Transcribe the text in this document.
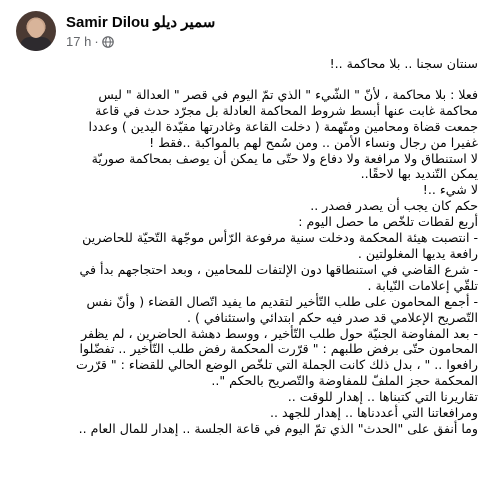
Samir Dilou سمير ديلو
17 h ·

سنتان سجنا .. بلا محاكمة ..!

فعلا : بلا محاكمة ، لأنّ " الشّيء " الذي تمّ اليوم في قصر " العدالة " ليس

محاكمة غابت عنها أبسط شروط المحاكمة العادلة بل مجرّد حدث في قاعة

جمعت قضاة ومحامين ومتّهمة ( دخلت القاعة وغادرتها مقيّدة اليدين ) وعددا

غفيرا من رجال ونساء الأمن .. ومن سُمح لهم بالمواكبة ..فقط !

لا استنطاق ولا مرافعة ولا دفاع ولا حتّى ما يمكن أن يوصف بمحاكمة صوريّة

يمكن التّنديد بها لاحقًا..

لا شيء ..!

حكم كان يجب أن يصدر فصدر ..

أربع لقطات تلخّص ما حصل اليوم :

- انتصبت هيئة المحكمة ودخلت سنية مرفوعة الرّأس موجّهة التّحيّة للحاضرين

رافعة يديها المغلولتين .

- شرع القاضي في استنطاقها دون الإلتفات للمحامين ، وبعد احتجاجهم بدأ في

تلقّي إعلامات النّيابة .

- أجمع المحامون على طلب التّأخير لتقديم ما يفيد اتّصال القضاء ( وأنّ نفس

التّصريح الإعلامي قد صدر فيه حكم ابتدائي واستئنافي ) .

- بعد المفاوضة الجنيّة حول طلب التّأخير ، ووسط دهشة الحاضرين ، لم يظفر

المحامون حتّى برفض طلبهم : " قرّرت المحكمة رفض طلب التّأخير .. تفضّلوا

رافعوا .. " ، بدل ذلك كانت الجملة التي تلخّص الوضع الحالي للقضاء : " قرّرت

المحكمة حجز الملفّ للمفاوضة والتّصريح بالحكم "..

تقاريرنا التي كتبناها .. إهدار للوقت ..

ومرافعاتنا التي أعددناها .. إهدار للجهد ..

وما أنفق على "الحدث" الذي تمّ اليوم في قاعة الجلسة .. إهدار للمال العام ..
